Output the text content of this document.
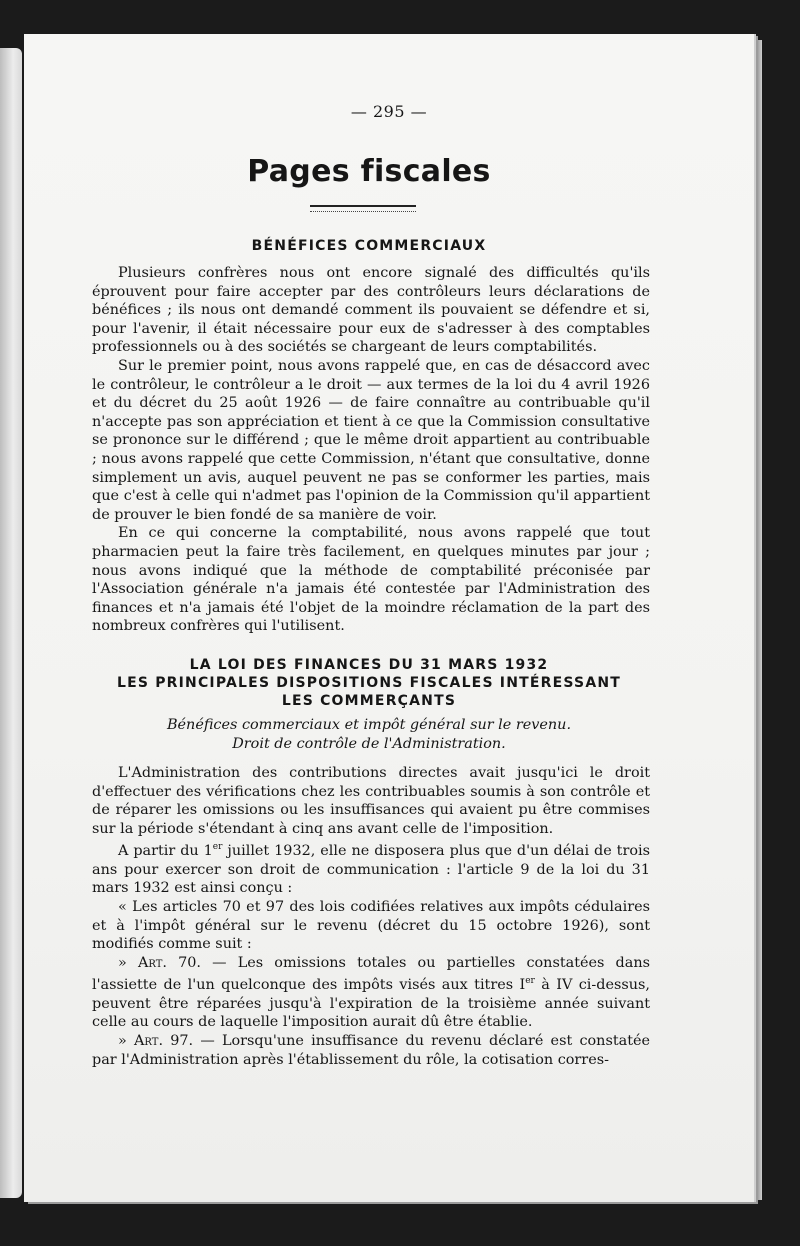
— 295 —
Pages fiscales
BÉNÉFICES COMMERCIAUX

Plusieurs confrères nous ont encore signalé des difficultés qu'ils éprouvent pour faire accepter par des contrôleurs leurs déclarations de bénéfices ; ils nous ont demandé comment ils pouvaient se défendre et si, pour l'avenir, il était nécessaire pour eux de s'adresser à des comptables professionnels ou à des sociétés se chargeant de leurs comptabilités.

Sur le premier point, nous avons rappelé que, en cas de désaccord avec le contrôleur, le contrôleur a le droit — aux termes de la loi du 4 avril 1926 et du décret du 25 août 1926 — de faire connaître au contribuable qu'il n'accepte pas son appréciation et tient à ce que la Commission consultative se prononce sur le différend ; que le même droit appartient au contribuable ; nous avons rappelé que cette Commission, n'étant que consultative, donne simplement un avis, auquel peuvent ne pas se conformer les parties, mais que c'est à celle qui n'admet pas l'opinion de la Commission qu'il appartient de prouver le bien fondé de sa manière de voir.

En ce qui concerne la comptabilité, nous avons rappelé que tout pharmacien peut la faire très facilement, en quelques minutes par jour ; nous avons indiqué que la méthode de comptabilité préconisée par l'Association générale n'a jamais été contestée par l'Administration des finances et n'a jamais été l'objet de la moindre réclamation de la part des nombreux confrères qui l'utilisent.

LA LOI DES FINANCES DU 31 MARS 1932
LES PRINCIPALES DISPOSITIONS FISCALES INTÉRESSANT
LES COMMERÇANTS
Bénéfices commerciaux et impôt général sur le revenu.
Droit de contrôle de l'Administration.

L'Administration des contributions directes avait jusqu'ici le droit d'effectuer des vérifications chez les contribuables soumis à son contrôle et de réparer les omissions ou les insuffisances qui avaient pu être commises sur la période s'étendant à cinq ans avant celle de l'imposition.

A partir du 1er juillet 1932, elle ne disposera plus que d'un délai de trois ans pour exercer son droit de communication : l'article 9 de la loi du 31 mars 1932 est ainsi conçu :

« Les articles 70 et 97 des lois codifiées relatives aux impôts cédulaires et à l'impôt général sur le revenu (décret du 15 octobre 1926), sont modifiés comme suit :

» Art. 70. — Les omissions totales ou partielles constatées dans l'assiette de l'un quelconque des impôts visés aux titres Ier à IV ci-dessus, peuvent être réparées jusqu'à l'expiration de la troisième année suivant celle au cours de laquelle l'imposition aurait dû être établie.

» Art. 97. — Lorsqu'une insuffisance du revenu déclaré est constatée par l'Administration après l'établissement du rôle, la cotisation corres-
